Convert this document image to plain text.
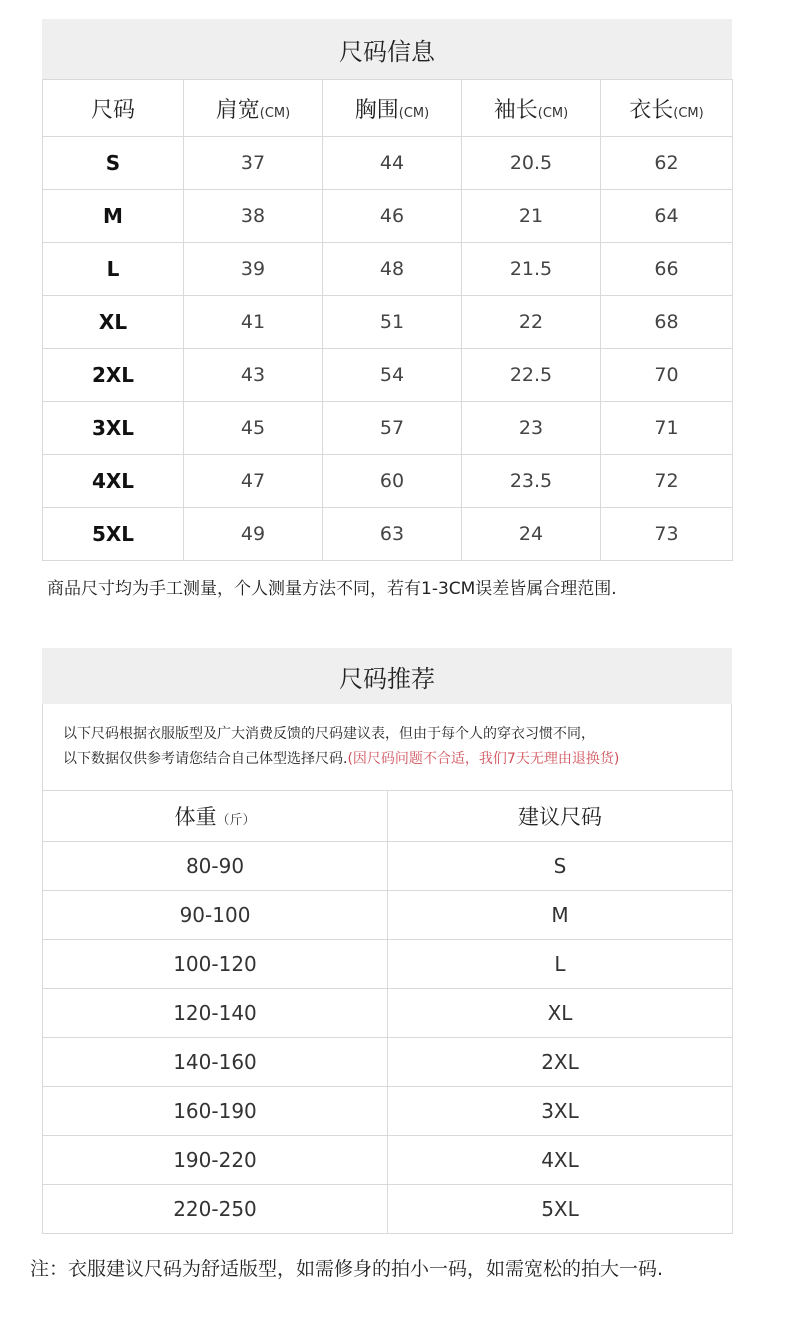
尺码信息
尺码	肩宽(CM)	胸围(CM)	袖长(CM)	衣长(CM)
S	37	44	20.5	62
M	38	46	21	64
L	39	48	21.5	66
XL	41	51	22	68
2XL	43	54	22.5	70
3XL	45	57	23	71
4XL	47	60	23.5	72
5XL	49	63	24	73
商品尺寸均为手工测量，个人测量方法不同，若有1-3CM误差皆属合理范围.
尺码推荐
以下尺码根据衣服版型及广大消费反馈的尺码建议表，但由于每个人的穿衣习惯不同，
以下数据仅供参考请您结合自己体型选择尺码.(因尺码问题不合适，我们7天无理由退换货)
体重（斤）	建议尺码
80-90	S
90-100	M
100-120	L
120-140	XL
140-160	2XL
160-190	3XL
190-220	4XL
220-250	5XL
注：衣服建议尺码为舒适版型，如需修身的拍小一码，如需宽松的拍大一码.
